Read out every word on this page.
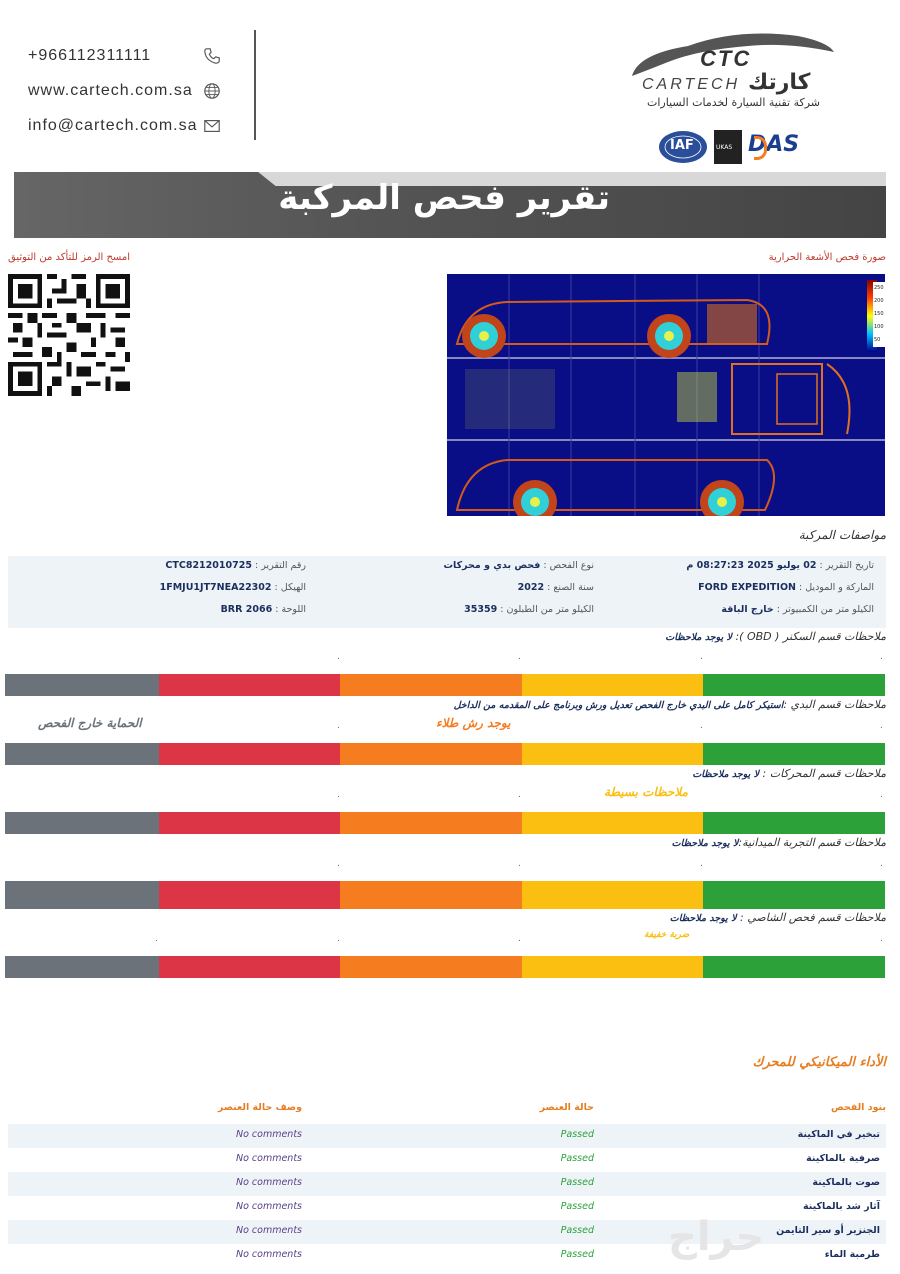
+966112311111
www.cartech.com.sa
info@cartech.com.sa
CTC
CARTECH كارتك
شركة تقنية السيارة لخدمات السيارات
IAF	UKAS DAS
تقرير فحص المركبة
امسح الرمز للتأكد من التوثيق	صورة فحص الأشعة الحرارية
250
200
150
100
50
مواصفات المركبة
تاريخ التقرير : 02 يوليو 2025 08:27:23 م
نوع الفحص : فحص بدي و محركات
رقم التقرير : CTC8212010725
الماركة و الموديل : FORD EXPEDITION
سنة الصنع : 2022
الهيكل : 1FMJU1JT7NEA22302
الكيلو متر من الكمبيوتر : خارج الباقة
الكيلو متر من الطبلون : 35359
اللوحة : BRR 2066
ملاحظات قسم السكنر ( OBD ): لا يوجد ملاحظات
.
.
.
.
ملاحظات قسم البدي :استيكر كامل على البدي خارج الفحص تعديل ورش وبرنامج على المقدمه من الداخل
الحماية خارج الفحص	يوجد رش طلاء	.
.
.
ملاحظات قسم المحركات : لا يوجد ملاحظات
ملاحظات بسيطة	.
.
.
ملاحظات قسم التجربة الميدانية:لا يوجد ملاحظات
.
.
.
.
ملاحظات قسم فحص الشاصي : لا يوجد ملاحظات
ضربة خفيفة	.
.
.
.
الأداء الميكانيكي للمحرك
بنود الفحص
حالة العنصر
وصف حالة العنصر
تبخير في الماكينة
Passed
No comments
صرفية بالماكينة
Passed
No comments
صوت بالماكينة
Passed
No comments
آثار شد بالماكينة
Passed
No comments
الجنزير أو سير التايمن
Passed
No comments
طرمبة الماء
Passed
No comments	حراج
